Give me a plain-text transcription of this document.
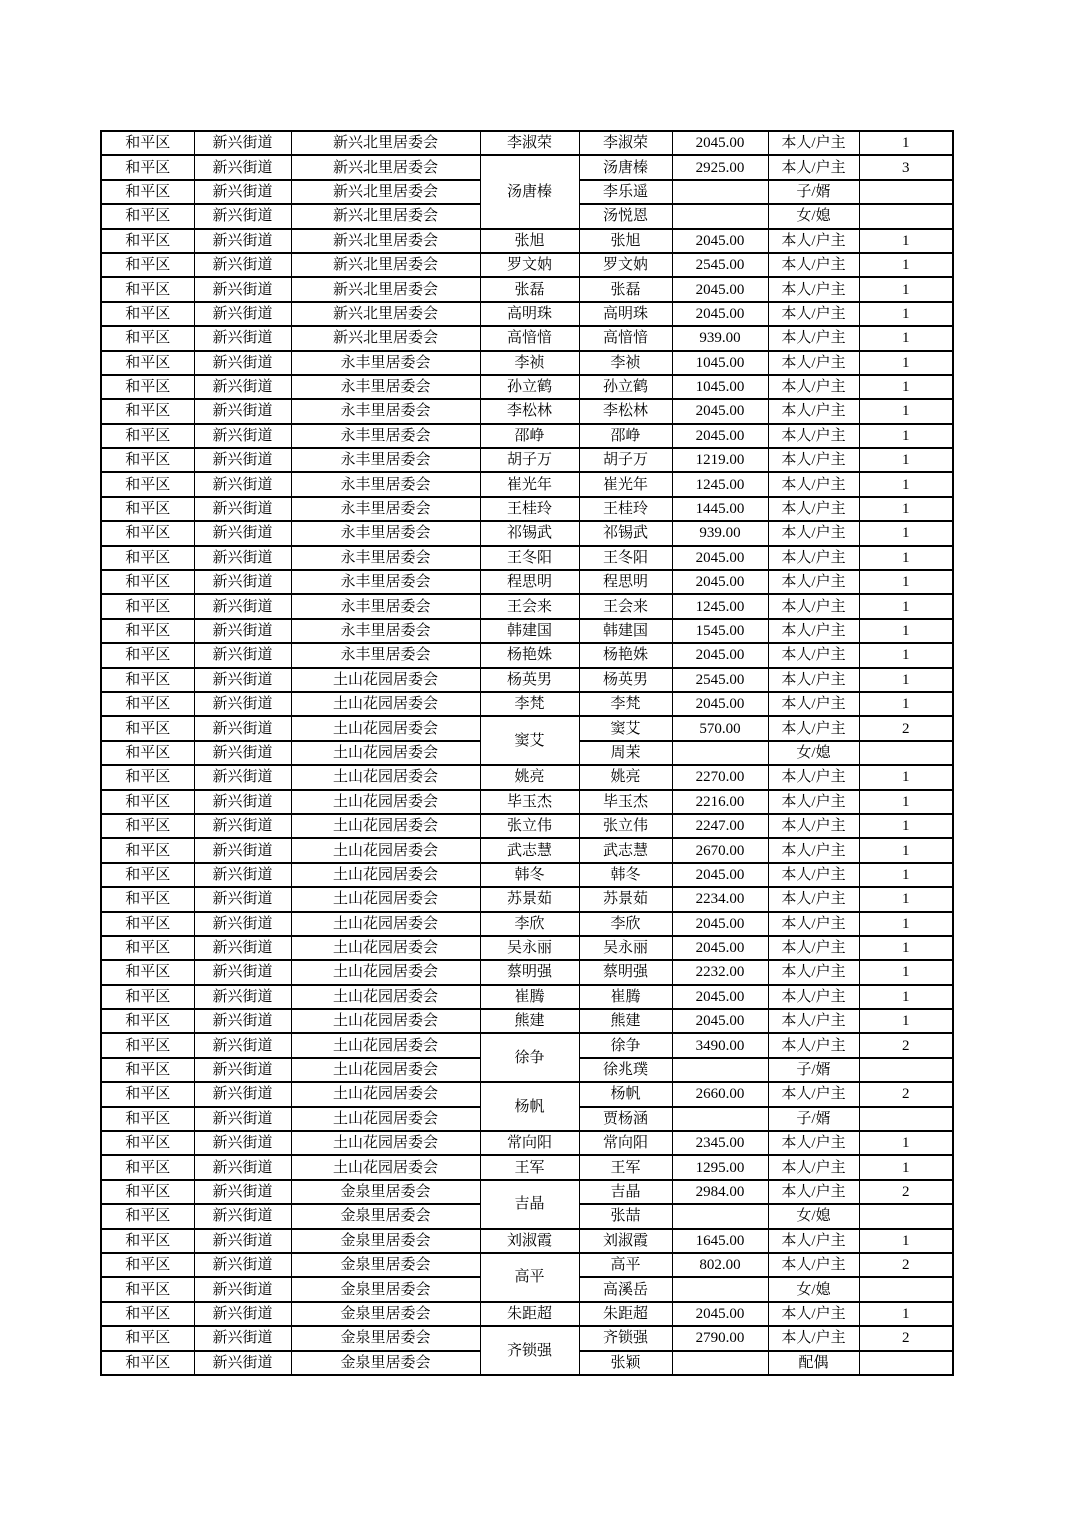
和平区	新兴街道	新兴北里居委会	李淑荣	李淑荣	2045.00	本人/户主	1
和平区	新兴街道	新兴北里居委会	汤唐榛	汤唐榛	2925.00	本人/户主	3
和平区	新兴街道	新兴北里居委会		李乐遥		子/婿	
和平区	新兴街道	新兴北里居委会		汤悦恩		女/媳	
和平区	新兴街道	新兴北里居委会	张旭	张旭	2045.00	本人/户主	1
和平区	新兴街道	新兴北里居委会	罗文妠	罗文妠	2545.00	本人/户主	1
和平区	新兴街道	新兴北里居委会	张磊	张磊	2045.00	本人/户主	1
和平区	新兴街道	新兴北里居委会	高明珠	高明珠	2045.00	本人/户主	1
和平区	新兴街道	新兴北里居委会	高愔愔	高愔愔	939.00	本人/户主	1
和平区	新兴街道	永丰里居委会	李祯	李祯	1045.00	本人/户主	1
和平区	新兴街道	永丰里居委会	孙立鹤	孙立鹤	1045.00	本人/户主	1
和平区	新兴街道	永丰里居委会	李松林	李松林	2045.00	本人/户主	1
和平区	新兴街道	永丰里居委会	邵峥	邵峥	2045.00	本人/户主	1
和平区	新兴街道	永丰里居委会	胡子万	胡子万	1219.00	本人/户主	1
和平区	新兴街道	永丰里居委会	崔光年	崔光年	1245.00	本人/户主	1
和平区	新兴街道	永丰里居委会	王桂玲	王桂玲	1445.00	本人/户主	1
和平区	新兴街道	永丰里居委会	祁锡武	祁锡武	939.00	本人/户主	1
和平区	新兴街道	永丰里居委会	王冬阳	王冬阳	2045.00	本人/户主	1
和平区	新兴街道	永丰里居委会	程思明	程思明	2045.00	本人/户主	1
和平区	新兴街道	永丰里居委会	王会来	王会来	1245.00	本人/户主	1
和平区	新兴街道	永丰里居委会	韩建国	韩建国	1545.00	本人/户主	1
和平区	新兴街道	永丰里居委会	杨艳姝	杨艳姝	2045.00	本人/户主	1
和平区	新兴街道	土山花园居委会	杨英男	杨英男	2545.00	本人/户主	1
和平区	新兴街道	土山花园居委会	李梵	李梵	2045.00	本人/户主	1
和平区	新兴街道	土山花园居委会	窦艾	窦艾	570.00	本人/户主	2
和平区	新兴街道	土山花园居委会		周茉		女/媳	
和平区	新兴街道	土山花园居委会	姚亮	姚亮	2270.00	本人/户主	1
和平区	新兴街道	土山花园居委会	毕玉杰	毕玉杰	2216.00	本人/户主	1
和平区	新兴街道	土山花园居委会	张立伟	张立伟	2247.00	本人/户主	1
和平区	新兴街道	土山花园居委会	武志慧	武志慧	2670.00	本人/户主	1
和平区	新兴街道	土山花园居委会	韩冬	韩冬	2045.00	本人/户主	1
和平区	新兴街道	土山花园居委会	苏景茹	苏景茹	2234.00	本人/户主	1
和平区	新兴街道	土山花园居委会	李欣	李欣	2045.00	本人/户主	1
和平区	新兴街道	土山花园居委会	吴永丽	吴永丽	2045.00	本人/户主	1
和平区	新兴街道	土山花园居委会	蔡明强	蔡明强	2232.00	本人/户主	1
和平区	新兴街道	土山花园居委会	崔腾	崔腾	2045.00	本人/户主	1
和平区	新兴街道	土山花园居委会	熊建	熊建	2045.00	本人/户主	1
和平区	新兴街道	土山花园居委会	徐争	徐争	3490.00	本人/户主	2
和平区	新兴街道	土山花园居委会		徐兆璞		子/婿	
和平区	新兴街道	土山花园居委会	杨帆	杨帆	2660.00	本人/户主	2
和平区	新兴街道	土山花园居委会		贾杨涵		子/婿	
和平区	新兴街道	土山花园居委会	常向阳	常向阳	2345.00	本人/户主	1
和平区	新兴街道	土山花园居委会	王军	王军	1295.00	本人/户主	1
和平区	新兴街道	金泉里居委会	吉晶	吉晶	2984.00	本人/户主	2
和平区	新兴街道	金泉里居委会		张喆		女/媳	
和平区	新兴街道	金泉里居委会	刘淑霞	刘淑霞	1645.00	本人/户主	1
和平区	新兴街道	金泉里居委会	高平	高平	802.00	本人/户主	2
和平区	新兴街道	金泉里居委会		高溪岳		女/媳	
和平区	新兴街道	金泉里居委会	朱距超	朱距超	2045.00	本人/户主	1
和平区	新兴街道	金泉里居委会	齐锁强	齐锁强	2790.00	本人/户主	2
和平区	新兴街道	金泉里居委会		张颖		配偶	
